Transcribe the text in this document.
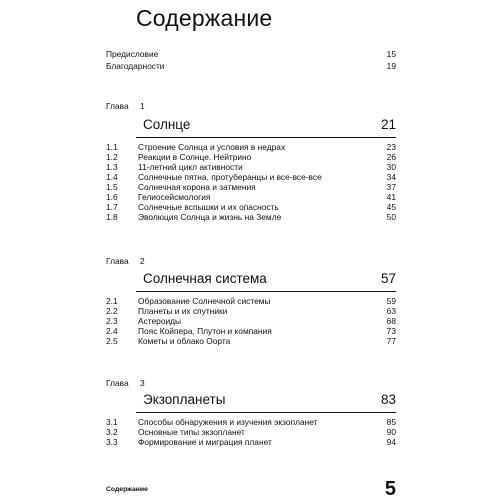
Содержание
Предисловие	15
Благодарности	19
Глава 1
Солнце	21
1.1 Строение Солнца и условия в недрах	23
1.2 Реакции в Солнце. Нейтрино	26
1.3 11-летний цикл активности	30
1.4 Солнечные пятна, протуберанцы и все-все-все	34
1.5 Солнечная корона и затмения	37
1.6 Гелиосейсмология	41
1.7 Солнечные вспышки и их опасность	45
1.8 Эволюция Солнца и жизнь на Земле	50
Глава 2
Солнечная система	57
2.1 Образование Солнечной системы	59
2.2 Планеты и их спутники	63
2.3 Астероиды	68
2.4 Пояс Койпера, Плутон и компания	73
2.5 Кометы и облако Оорта	77
Глава 3
Экзопланеты	83
3.1 Способы обнаружения и изучения экзопланет	85
3.2 Основные типы экзопланет	90
3.3 Формирование и миграция планет	94
Содержание	5
